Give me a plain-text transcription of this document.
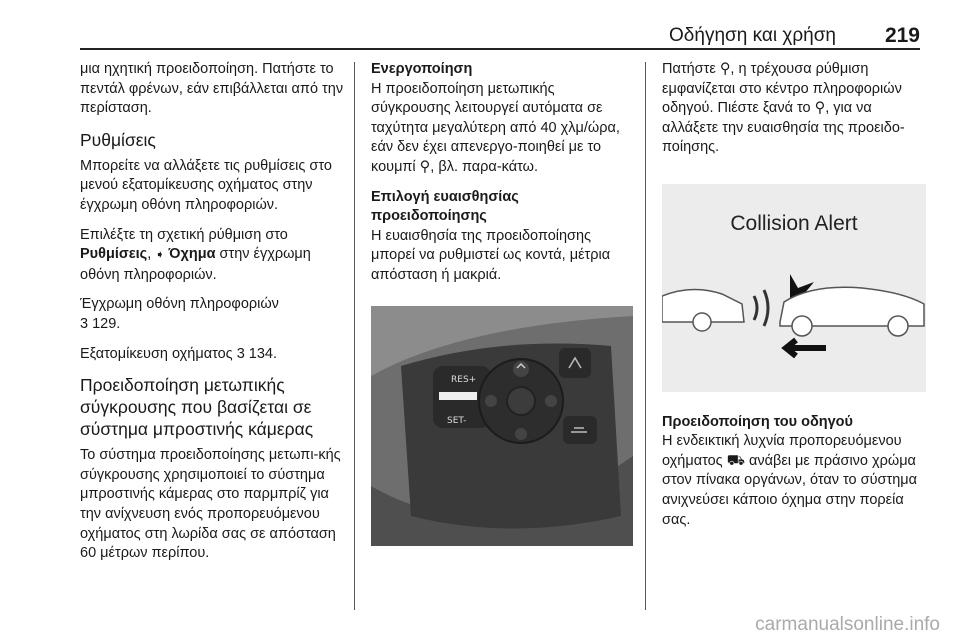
Οδήγηση και χρήση 219

μια ηχητική προειδοποίηση. Πατήστε το πεντάλ φρένων, εάν επιβάλλεται από την περίσταση.

Ρυθμίσεις

Μπορείτε να αλλάξετε τις ρυθμίσεις στο μενού εξατομίκευσης οχήματος στην έγχρωμη οθόνη πληροφοριών.

Επιλέξτε τη σχετική ρύθμιση στο Ρυθμίσεις, ➧ Όχημα στην έγχρωμη οθόνη πληροφοριών.

Έγχρωμη οθόνη πληροφοριών
3 129.

Εξατομίκευση οχήματος 3 134.

Προειδοποίηση μετωπικής σύγκρουσης που βασίζεται σε σύστημα μπροστινής κάμερας

Το σύστημα προειδοποίησης μετωπι-κής σύγκρουσης χρησιμοποιεί το σύστημα μπροστινής κάμερας στο παρμπρίζ για την ανίχνευση ενός προπορευόμενου οχήματος στη λωρίδα σας σε απόσταση 60 μέτρων περίπου.

Ενεργοποίηση

Η προειδοποίηση μετωπικής σύγκρουσης λειτουργεί αυτόματα σε ταχύτητα μεγαλύτερη από 40 χλμ/ώρα, εάν δεν έχει απενεργο-ποιηθεί με το κουμπί ⚲, βλ. παρα-κάτω.

Επιλογή ευαισθησίας προειδοποίησης

Η ευαισθησία της προειδοποίησης μπορεί να ρυθμιστεί ως κοντά, μέτρια απόσταση ή μακριά.

RES+
SET-

Πατήστε ⚲, η τρέχουσα ρύθμιση εμφανίζεται στο κέντρο πληροφοριών οδηγού. Πιέστε ξανά το ⚲, για να αλλάξετε την ευαισθησία της προειδο-ποίησης.

Collision Alert
Προειδοποίηση του οδηγού

Η ενδεικτική λυχνία προπορευόμενου οχήματος ⛟ ανάβει με πράσινο χρώμα στον πίνακα οργάνων, όταν το σύστημα ανιχνεύσει κάποιο όχημα στην πορεία σας.

carmanualsonline.info
